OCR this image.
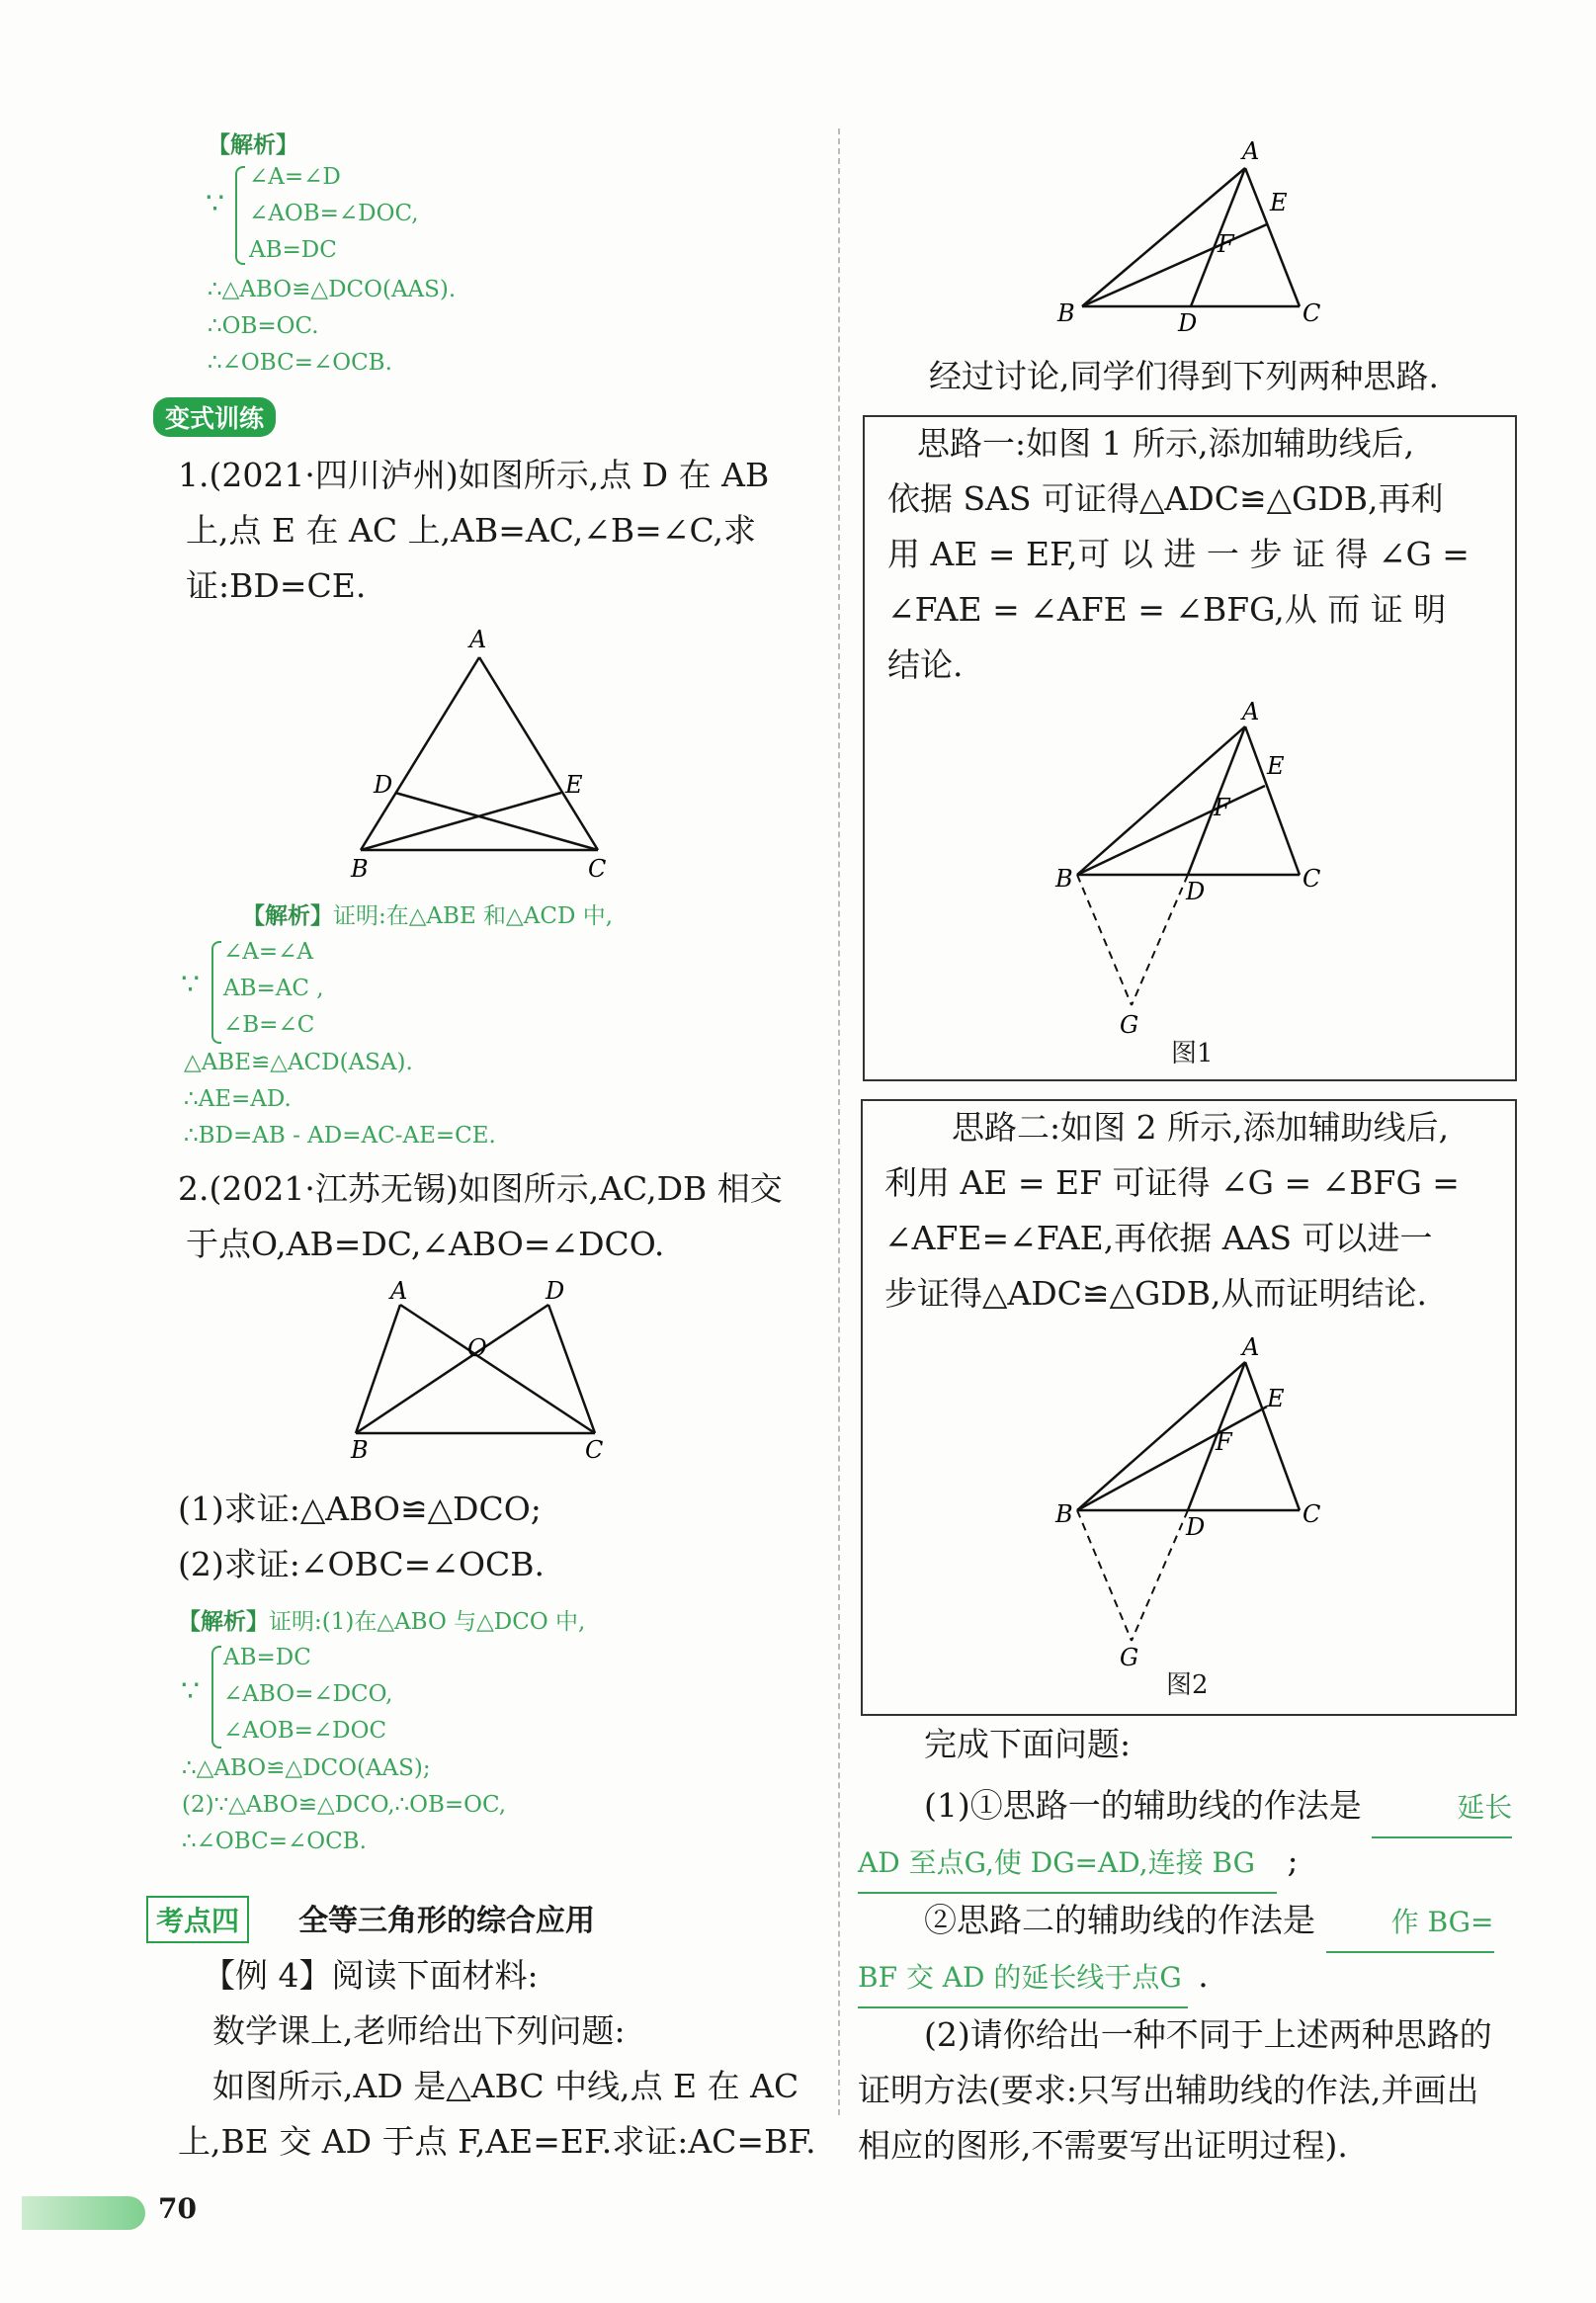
【解析】
∵
∠A=∠D
∠AOB=∠DOC,
AB=DC
∴△ABO≌△DCO(AAS).
∴OB=OC.
∴∠OBC=∠OCB.
变式训练
1.(2021·四川泸州)如图所示,点 D 在 AB
上,点 E 在 AC 上,AB=AC,∠B=∠C,求
证:BD=CE.
A
D	E
B	C
【解析】证明:在△ABE 和△ACD 中,
∵
∠A=∠A
AB=AC ,
∠B=∠C
△ABE≌△ACD(ASA).
∴AE=AD.
∴BD=AB - AD=AC-AE=CE.
2.(2021·江苏无锡)如图所示,AC,DB 相交
于点O,AB=DC,∠ABO=∠DCO.
A	D
O
B	C
(1)求证:△ABO≌△DCO;
(2)求证:∠OBC=∠OCB.
【解析】证明:(1)在△ABO 与△DCO 中,
∵
AB=DC
∠ABO=∠DCO,
∠AOB=∠DOC
∴△ABO≌△DCO(AAS);
(2)∵△ABO≌△DCO,∴OB=OC,
∴∠OBC=∠OCB.
考点四	全等三角形的综合应用
【例 4】阅读下面材料:
数学课上,老师给出下列问题:
如图所示,AD 是△ABC 中线,点 E 在 AC
上,BE 交 AD 于点 F,AE=EF.求证:AC=BF.
A
E
F
B	D	C
经过讨论,同学们得到下列两种思路.
思路一:如图 1 所示,添加辅助线后,
依据 SAS 可证得△ADC≌△GDB,再利
用 AE = EF,可 以 进 一 步 证 得 ∠G =
∠FAE = ∠AFE = ∠BFG,从 而 证 明
结论.
A
E
F
B	D	C
G
图1
思路二:如图 2 所示,添加辅助线后,
利用 AE = EF 可证得 ∠G = ∠BFG =
∠AFE=∠FAE,再依据 AAS 可以进一
步证得△ADC≌△GDB,从而证明结论.
A
E
F
B	D	C
G
图2
完成下面问题:
(1)①思路一的辅助线的作法是	延长
AD 至点G,使 DG=AD,连接 BG ;
②思路二的辅助线的作法是	作 BG=
BF 交 AD 的延长线于点G .
(2)请你给出一种不同于上述两种思路的
证明方法(要求:只写出辅助线的作法,并画出
相应的图形,不需要写出证明过程).
70
